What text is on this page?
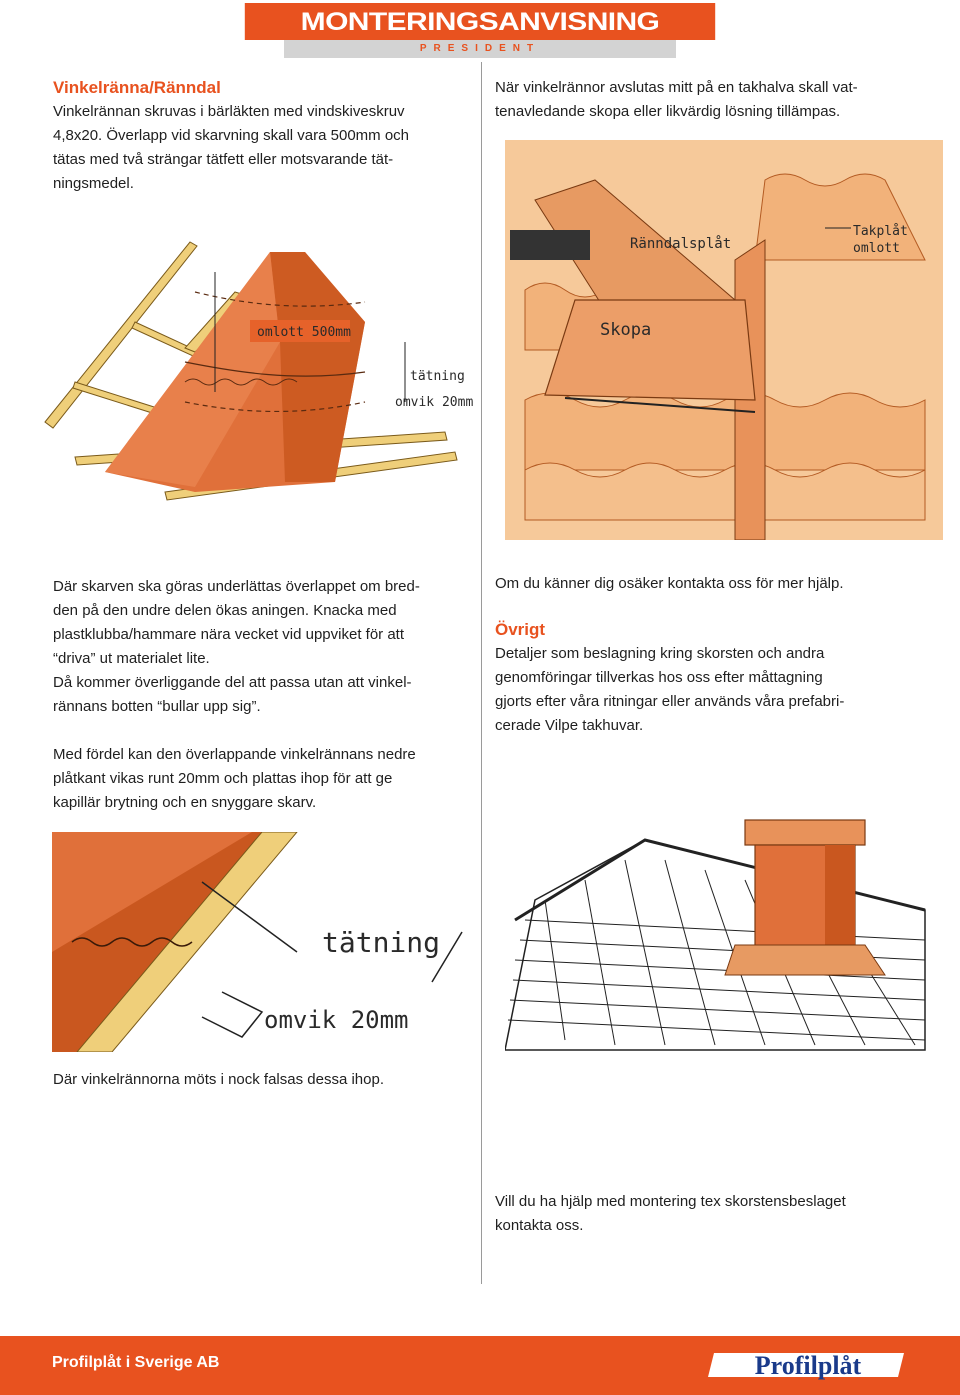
MONTERINGSANVISNING
PRESIDENT
Vinkelränna/Ränndal

Vinkelrännan skruvas i bärläkten med vindskiveskruv

4,8x20. Överlapp vid skarvning skall vara 500mm och

tätas med två strängar tätfett eller motsvarande tät-

ningsmedel.

När vinkelrännor avslutas mitt på en takhalva skall vat-

tenavledande skopa eller likvärdig lösning tillämpas.

omlott 500mm
tätning
omvik 20mm
Ränndalsplåt
Takplåt
omlott
Skopa

Där skarven ska göras underlättas överlappet om bred-

den på den undre delen ökas aningen. Knacka med

plastklubba/hammare nära vecket vid uppviket för att

“driva” ut materialet lite.

Då kommer överliggande del att passa utan att vinkel-

rännans botten “bullar upp sig”.

Med fördel kan den överlappande vinkelrännans nedre

plåtkant vikas runt 20mm och plattas ihop för att ge

kapillär brytning och en snyggare skarv.

Om du känner dig osäker kontakta oss för mer hjälp.

Övrigt

Detaljer som beslagning kring skorsten och andra

genomföringar tillverkas hos oss efter måttagning

gjorts efter våra ritningar eller används våra prefabri-

cerade Vilpe takhuvar.

tätning
omvik 20mm

Där vinkelrännorna möts i nock falsas dessa ihop.

Vill du ha hjälp med montering tex skorstensbeslaget

kontakta oss.

Profilplåt i Sverige AB	Profilplåt
